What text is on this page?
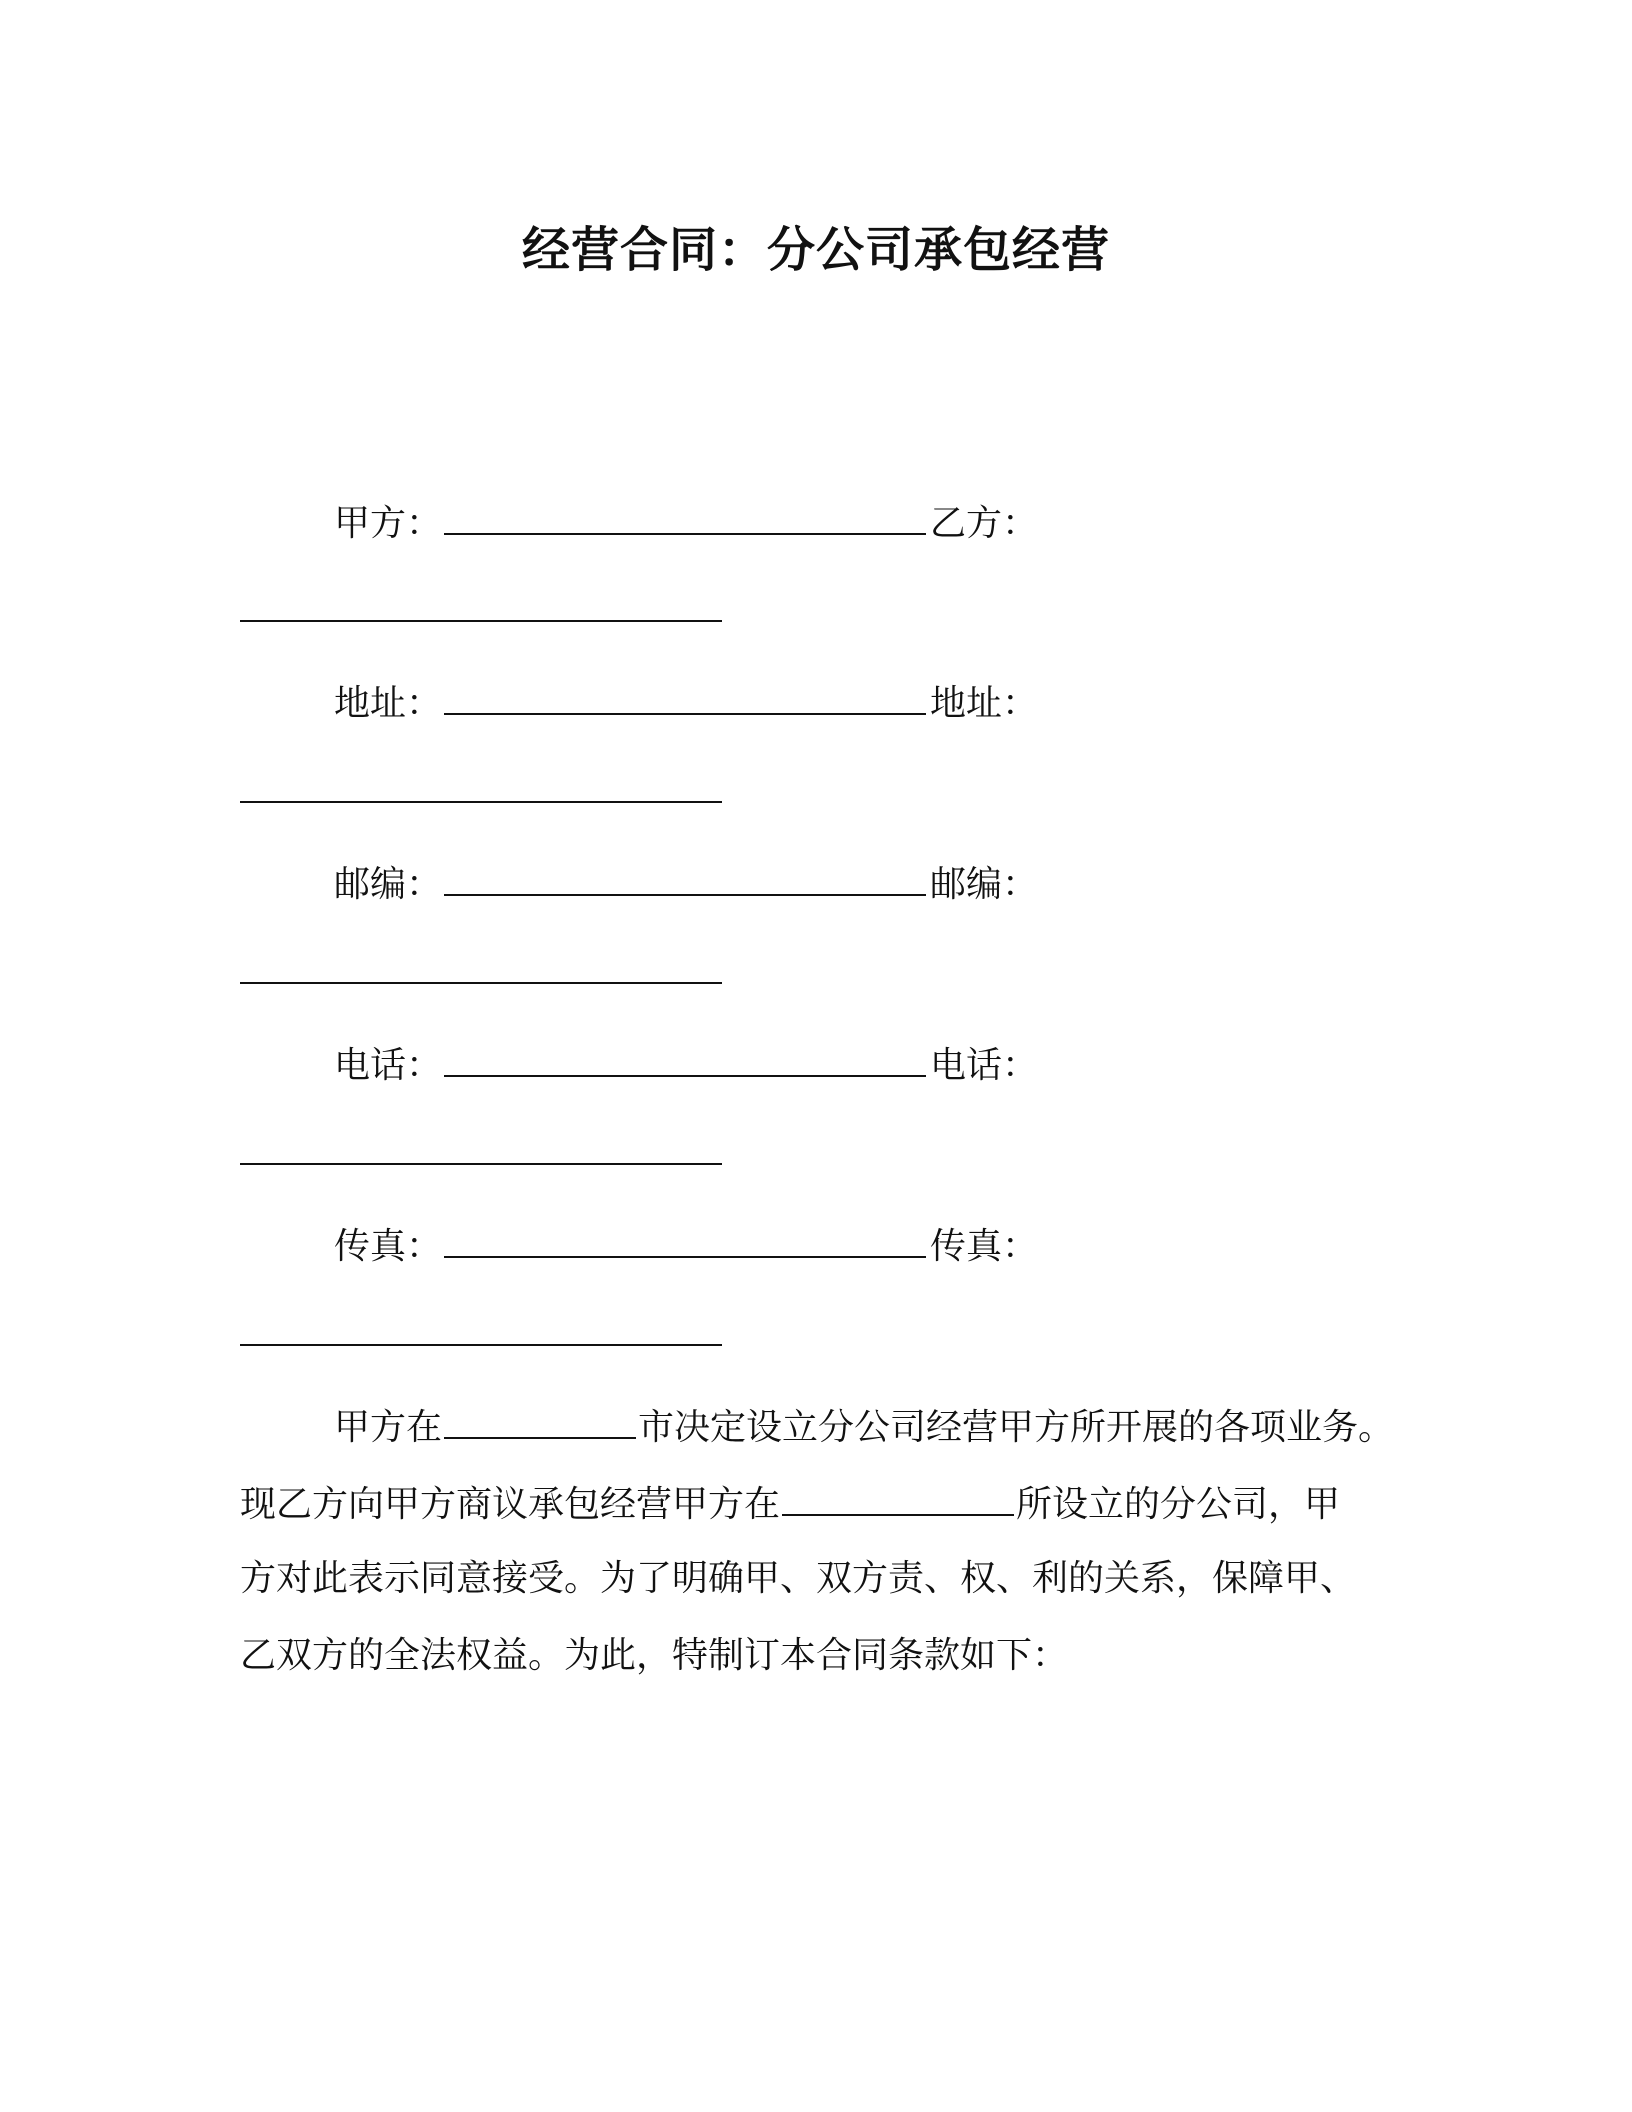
经营合同：分公司承包经营
甲方：	乙方：
地址：	地址：
邮编：	邮编：
电话：	电话：
传真：	传真：
甲方在	市决定设立分公司经营甲方所开展的各项业务。
现乙方向甲方商议承包经营甲方在	所设立的分公司，甲
方对此表示同意接受。为了明确甲、双方责、权、利的关系，保障甲、
乙双方的全法权益。为此，特制订本合同条款如下：
